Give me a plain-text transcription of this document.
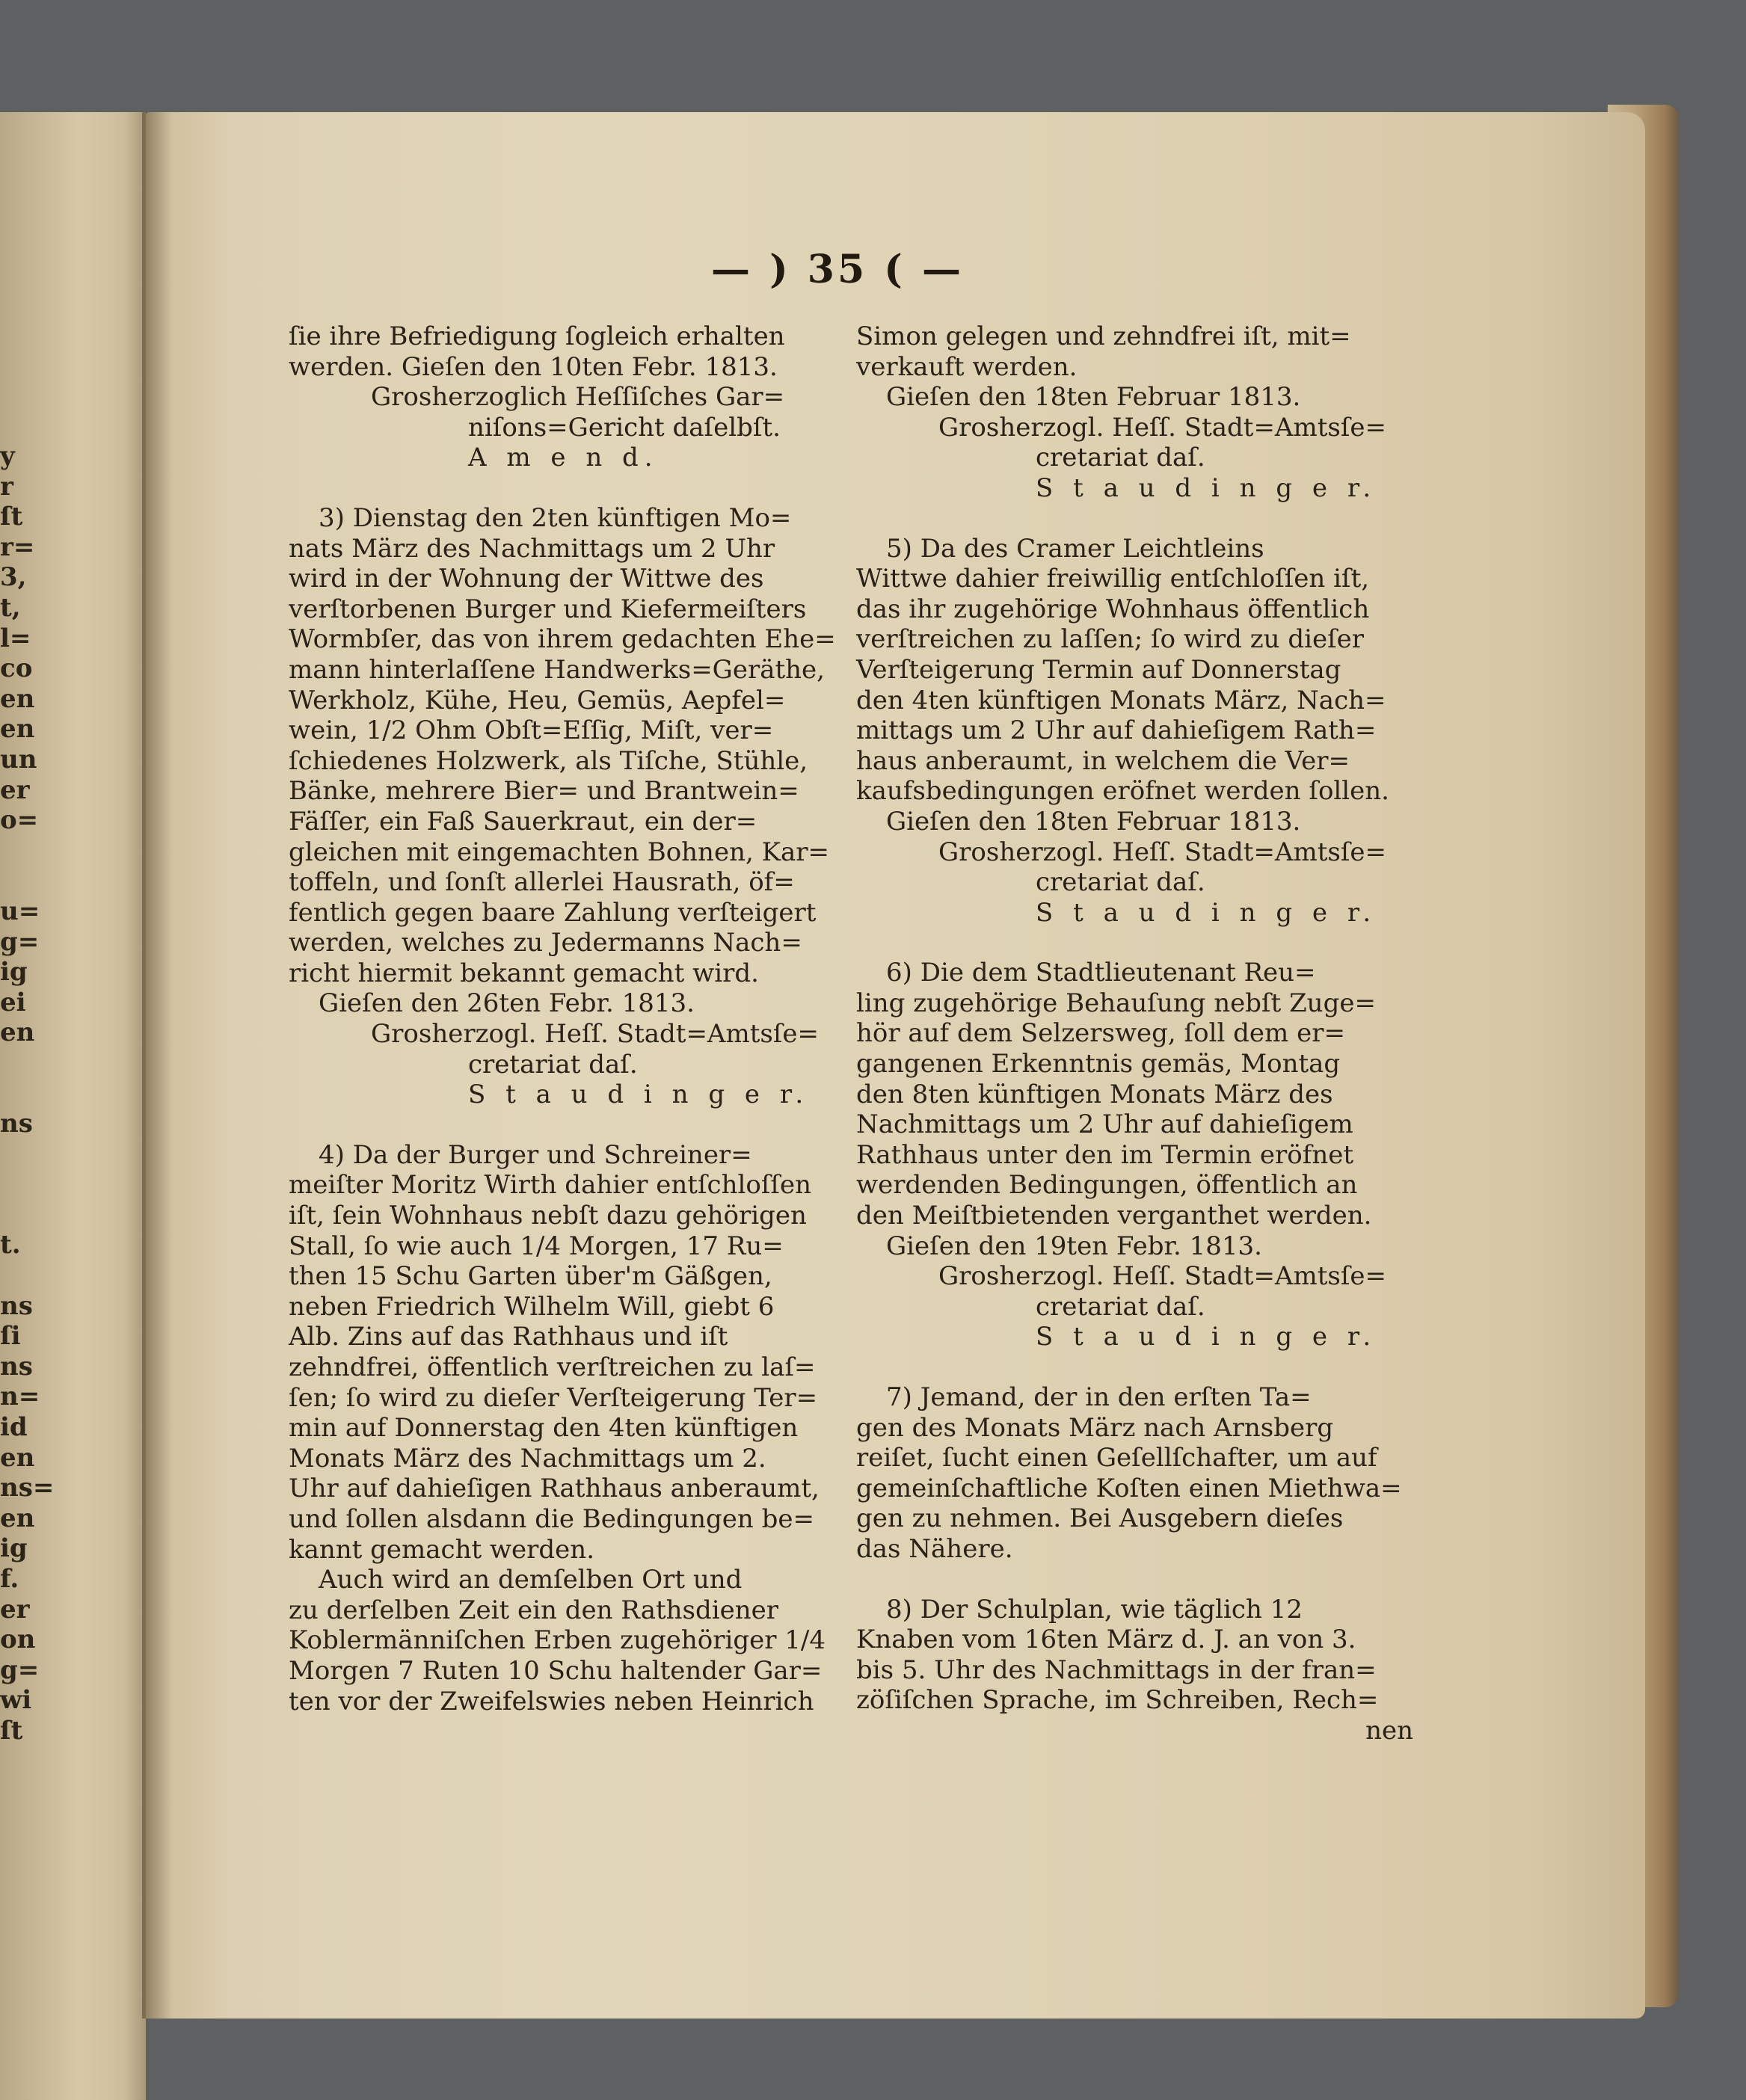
y
r
ſt
r=
3,
t,
l=
co
en
en
un
er
o=
u=
g=
ig
ei
en
ns
t.
ns
ſi
ns
n=
id
en
ns=
en
ig
f.
er
on
g=
wi
ſt
— ) 35 ( —
ſie ihre Befriedigung ſogleich erhalten
werden. Gieſen den 10ten Febr. 1813.
Grosherzoglich Heſſiſches Gar=
niſons=Gericht daſelbſt.
A m e n d.
3) Dienstag den 2ten künftigen Mo=
nats März des Nachmittags um 2 Uhr
wird in der Wohnung der Wittwe des
verſtorbenen Burger und Kiefermeiſters
Wormbſer, das von ihrem gedachten Ehe=
mann hinterlaſſene Handwerks=Geräthe,
Werkholz, Kühe, Heu, Gemüs, Aepfel=
wein, 1/2 Ohm Obſt=Eſſig, Miſt, ver=
ſchiedenes Holzwerk, als Tiſche, Stühle,
Bänke, mehrere Bier= und Brantwein=
Fäſſer, ein Faß Sauerkraut, ein der=
gleichen mit eingemachten Bohnen, Kar=
toffeln, und ſonſt allerlei Hausrath, öf=
fentlich gegen baare Zahlung verſteigert
werden, welches zu Jedermanns Nach=
richt hiermit bekannt gemacht wird.
Gieſen den 26ten Febr. 1813.
Grosherzogl. Heſſ. Stadt=Amtsſe=
cretariat daſ.
S t a u d i n g e r.
4) Da der Burger und Schreiner=
meiſter Moritz Wirth dahier entſchloſſen
iſt, ſein Wohnhaus nebſt dazu gehörigen
Stall, ſo wie auch 1/4 Morgen, 17 Ru=
then 15 Schu Garten über'm Gäßgen,
neben Friedrich Wilhelm Will, giebt 6
Alb. Zins auf das Rathhaus und iſt
zehndfrei, öffentlich verſtreichen zu laſ=
ſen; ſo wird zu dieſer Verſteigerung Ter=
min auf Donnerstag den 4ten künftigen
Monats März des Nachmittags um 2.
Uhr auf dahieſigen Rathhaus anberaumt,
und ſollen alsdann die Bedingungen be=
kannt gemacht werden.
Auch wird an demſelben Ort und
zu derſelben Zeit ein den Rathsdiener
Koblermänniſchen Erben zugehöriger 1/4
Morgen 7 Ruten 10 Schu haltender Gar=
ten vor der Zweifelswies neben Heinrich
Simon gelegen und zehndfrei iſt, mit=
verkauft werden.
Gieſen den 18ten Februar 1813.
Grosherzogl. Heſſ. Stadt=Amtsſe=
cretariat daſ.
S t a u d i n g e r.
5) Da des Cramer Leichtleins
Wittwe dahier freiwillig entſchloſſen iſt,
das ihr zugehörige Wohnhaus öffentlich
verſtreichen zu laſſen; ſo wird zu dieſer
Verſteigerung Termin auf Donnerstag
den 4ten künftigen Monats März, Nach=
mittags um 2 Uhr auf dahieſigem Rath=
haus anberaumt, in welchem die Ver=
kaufsbedingungen eröfnet werden ſollen.
Gieſen den 18ten Februar 1813.
Grosherzogl. Heſſ. Stadt=Amtsſe=
cretariat daſ.
S t a u d i n g e r.
6) Die dem Stadtlieutenant Reu=
ling zugehörige Behauſung nebſt Zuge=
hör auf dem Selzersweg, ſoll dem er=
gangenen Erkenntnis gemäs, Montag
den 8ten künftigen Monats März des
Nachmittags um 2 Uhr auf dahieſigem
Rathhaus unter den im Termin eröfnet
werdenden Bedingungen, öffentlich an
den Meiſtbietenden verganthet werden.
Gieſen den 19ten Febr. 1813.
Grosherzogl. Heſſ. Stadt=Amtsſe=
cretariat daſ.
S t a u d i n g e r.
7) Jemand, der in den erſten Ta=
gen des Monats März nach Arnsberg
reiſet, ſucht einen Geſellſchafter, um auf
gemeinſchaftliche Koſten einen Miethwa=
gen zu nehmen. Bei Ausgebern dieſes
das Nähere.
8) Der Schulplan, wie täglich 12
Knaben vom 16ten März d. J. an von 3.
bis 5. Uhr des Nachmittags in der fran=
zöſiſchen Sprache, im Schreiben, Rech=
nen
